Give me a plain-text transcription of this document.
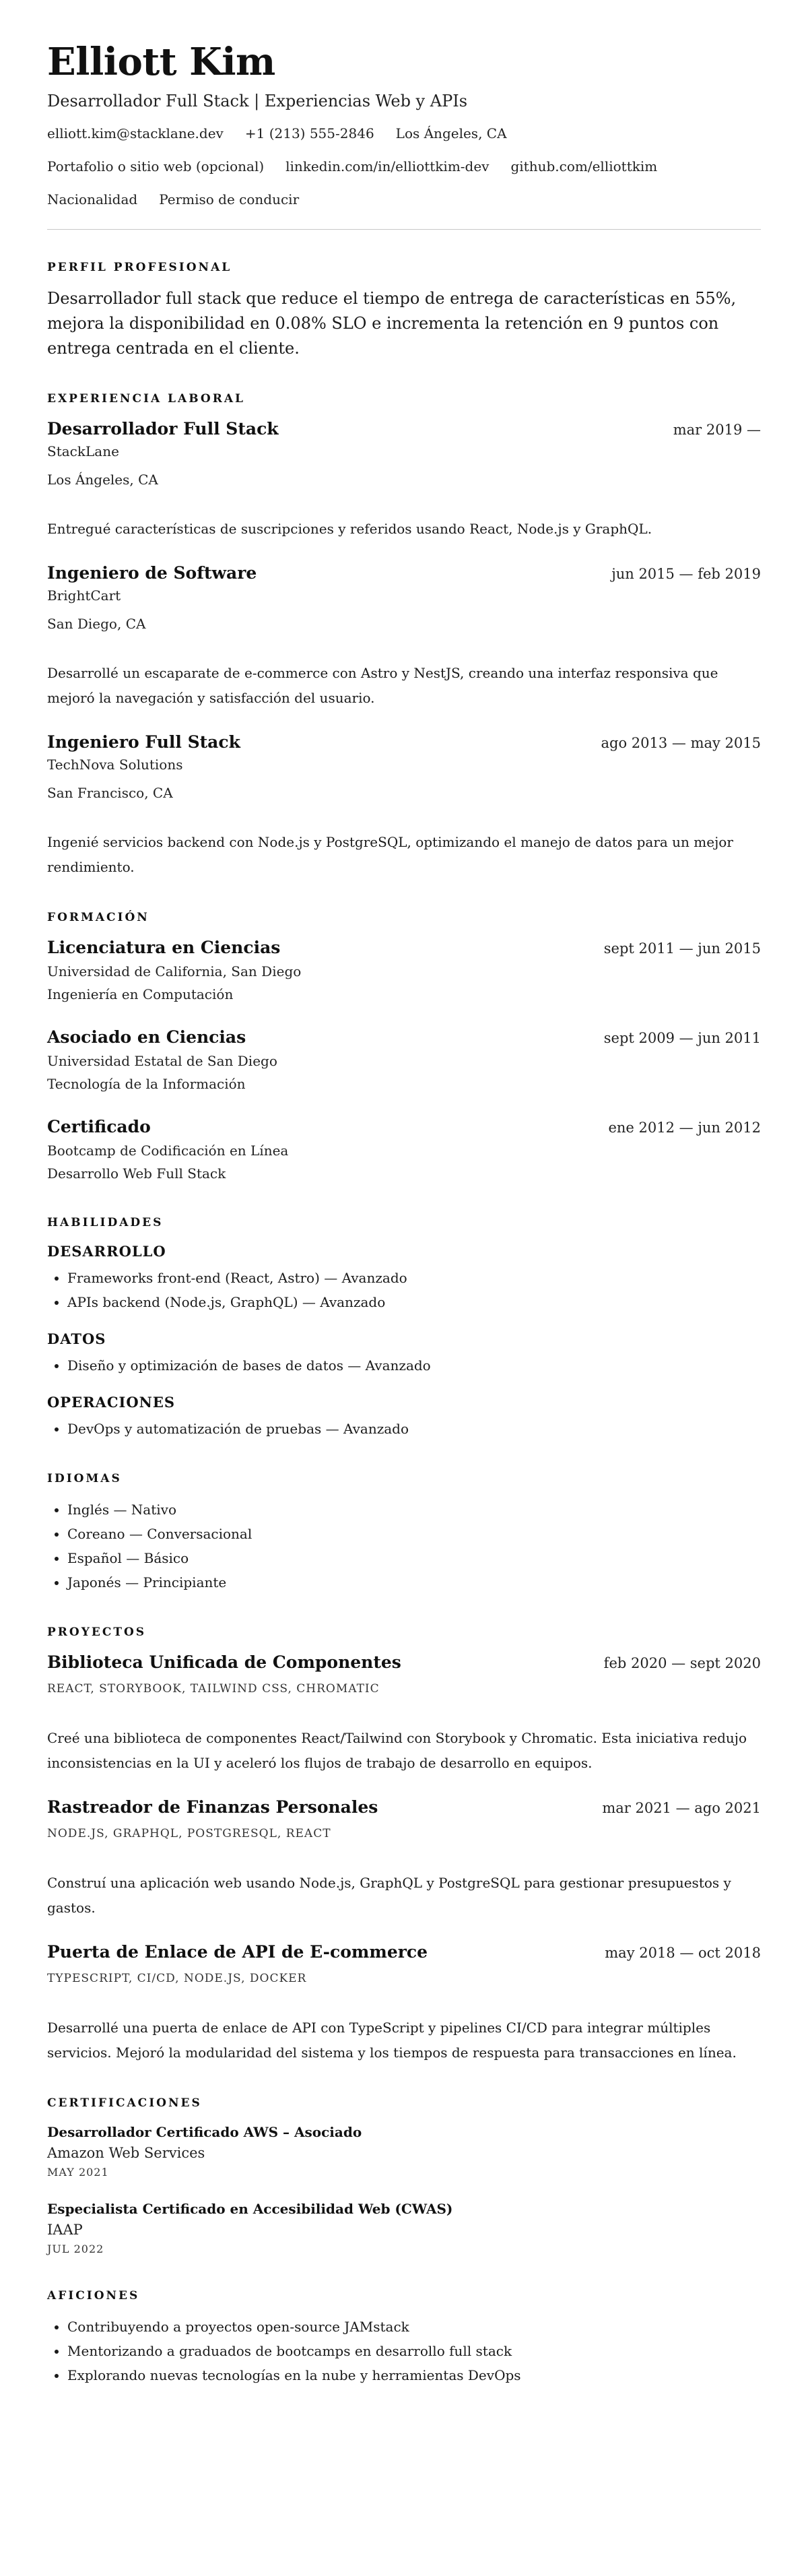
Elliott Kim
Desarrollador Full Stack | Experiencias Web y APIs
elliott.kim@stacklane.dev +1 (213) 555-2846 Los Ángeles, CA
Portafolio o sitio web (opcional) linkedin.com/in/elliottkim-dev github.com/elliottkim
Nacionalidad Permiso de conducir
PERFIL PROFESIONAL
Desarrollador full stack que reduce el tiempo de entrega de características en 55%, mejora la disponibilidad en 0.08% SLO e incrementa la retención en 9 puntos con entrega centrada en el cliente.
EXPERIENCIA LABORAL
Desarrollador Full Stack	mar 2019 —
StackLane
Los Ángeles, CA
Entregué características de suscripciones y referidos usando React, Node.js y GraphQL.
Ingeniero de Software	jun 2015 — feb 2019
BrightCart
San Diego, CA
Desarrollé un escaparate de e-commerce con Astro y NestJS, creando una interfaz responsiva que mejoró la navegación y satisfacción del usuario.
Ingeniero Full Stack	ago 2013 — may 2015
TechNova Solutions
San Francisco, CA
Ingenié servicios backend con Node.js y PostgreSQL, optimizando el manejo de datos para un mejor rendimiento.
FORMACIÓN
Licenciatura en Ciencias	sept 2011 — jun 2015
Universidad de California, San Diego
Ingeniería en Computación
Asociado en Ciencias	sept 2009 — jun 2011
Universidad Estatal de San Diego
Tecnología de la Información
Certificado	ene 2012 — jun 2012
Bootcamp de Codificación en Línea
Desarrollo Web Full Stack
HABILIDADES
DESARROLLO
• Frameworks front-end (React, Astro) — Avanzado
• APIs backend (Node.js, GraphQL) — Avanzado
DATOS
• Diseño y optimización de bases de datos — Avanzado
OPERACIONES
• DevOps y automatización de pruebas — Avanzado
IDIOMAS
• Inglés — Nativo
• Coreano — Conversacional
• Español — Básico
• Japonés — Principiante
PROYECTOS
Biblioteca Unificada de Componentes	feb 2020 — sept 2020
REACT, STORYBOOK, TAILWIND CSS, CHROMATIC
Creé una biblioteca de componentes React/Tailwind con Storybook y Chromatic. Esta iniciativa redujo inconsistencias en la UI y aceleró los flujos de trabajo de desarrollo en equipos.
Rastreador de Finanzas Personales	mar 2021 — ago 2021
NODE.JS, GRAPHQL, POSTGRESQL, REACT
Construí una aplicación web usando Node.js, GraphQL y PostgreSQL para gestionar presupuestos y gastos.
Puerta de Enlace de API de E-commerce	may 2018 — oct 2018
TYPESCRIPT, CI/CD, NODE.JS, DOCKER
Desarrollé una puerta de enlace de API con TypeScript y pipelines CI/CD para integrar múltiples servicios. Mejoró la modularidad del sistema y los tiempos de respuesta para transacciones en línea.
CERTIFICACIONES
Desarrollador Certificado AWS – Asociado
Amazon Web Services
MAY 2021
Especialista Certificado en Accesibilidad Web (CWAS)
IAAP
JUL 2022
AFICIONES
• Contribuyendo a proyectos open-source JAMstack
• Mentorizando a graduados de bootcamps en desarrollo full stack
• Explorando nuevas tecnologías en la nube y herramientas DevOps
